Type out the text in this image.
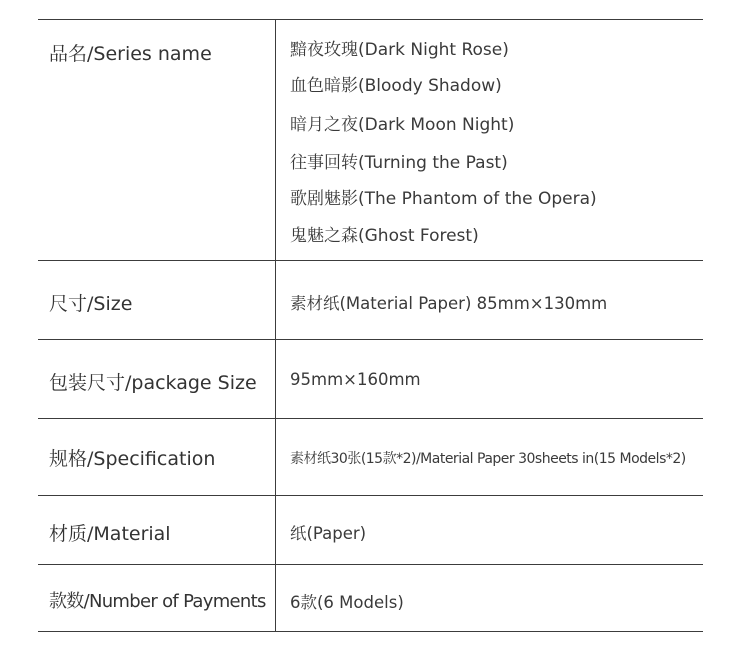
品名/Series name	黯夜玫瑰(Dark Night Rose)
血色暗影(Bloody Shadow)
暗月之夜(Dark Moon Night)
往事回转(Turning the Past)
歌剧魅影(The Phantom of the Opera)
鬼魅之森(Ghost Forest)
尺寸/Size	素材纸(Material Paper) 85mm×130mm
包装尺寸/package Size 95mm×160mm
规格/Specification	素材纸30张(15款*2)/Material Paper 30sheets in(15 Models*2)
材质/Material	纸(Paper)
款数/Number of Payments 6款(6 Models)
